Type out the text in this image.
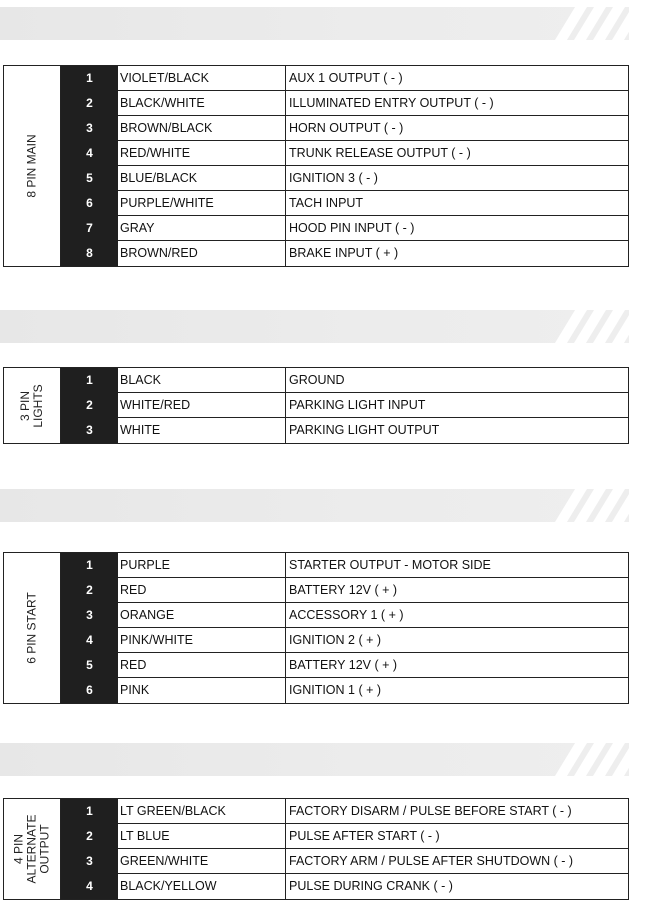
8 PIN MAIN
1	VIOLET/BLACK	AUX 1 OUTPUT ( - )
2	BLACK/WHITE	ILLUMINATED ENTRY OUTPUT ( - )
3	BROWN/BLACK	HORN OUTPUT ( - )
4	RED/WHITE	TRUNK RELEASE OUTPUT ( - )
5	BLUE/BLACK	IGNITION 3 ( - )
6	PURPLE/WHITE	TACH INPUT
7	GRAY	HOOD PIN INPUT ( - )
8	BROWN/RED	BRAKE INPUT ( + )
3 PIN
LIGHTS
1	BLACK	GROUND
2	WHITE/RED	PARKING LIGHT INPUT
3	WHITE	PARKING LIGHT OUTPUT
6 PIN START
1	PURPLE	STARTER OUTPUT - MOTOR SIDE
2	RED	BATTERY 12V ( + )
3	ORANGE	ACCESSORY 1 ( + )
4	PINK/WHITE	IGNITION 2 ( + )
5	RED	BATTERY 12V ( + )
6	PINK	IGNITION 1 ( + )
4 PIN
ALTERNATE
OUTPUT
1	LT GREEN/BLACK	FACTORY DISARM / PULSE BEFORE START ( - )
2	LT BLUE	PULSE AFTER START ( - )
3	GREEN/WHITE	FACTORY ARM / PULSE AFTER SHUTDOWN ( - )
4	BLACK/YELLOW	PULSE DURING CRANK ( - )
